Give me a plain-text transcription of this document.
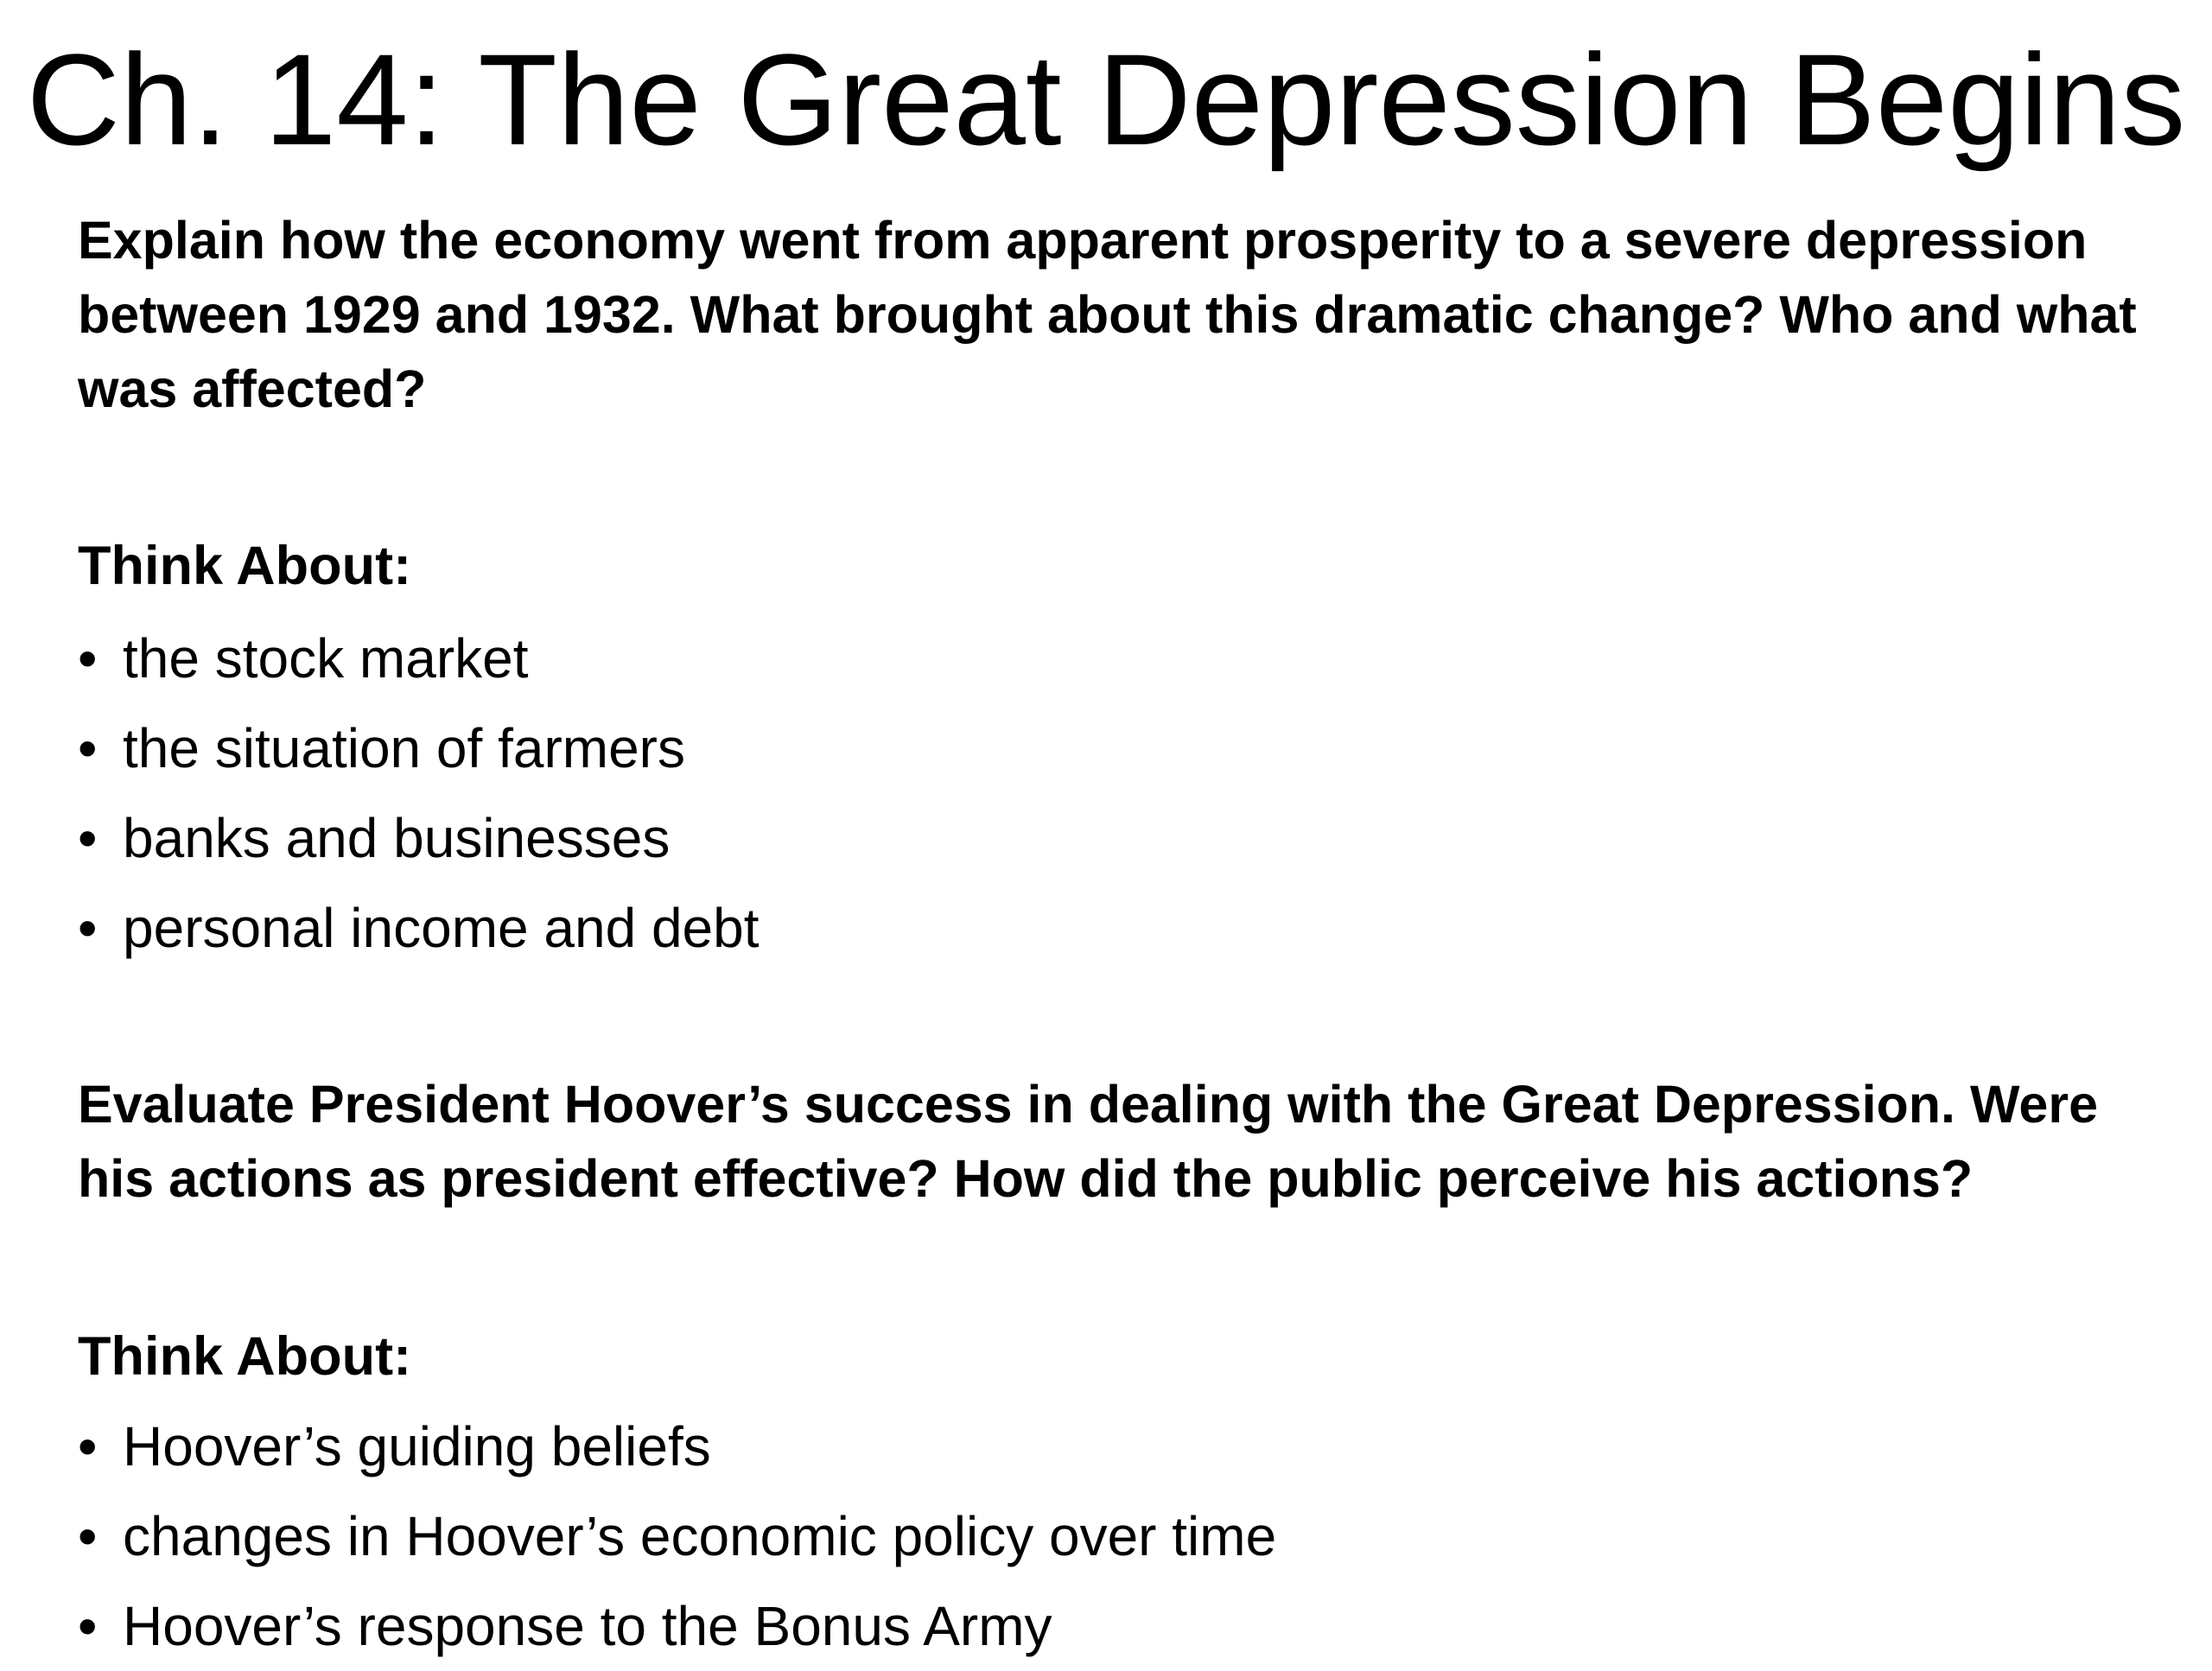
Ch. 14: The Great Depression Begins

Explain how the economy went from apparent prosperity to a severe depression between 1929 and 1932. What brought about this dramatic change? Who and what was affected?

Think About:

• the stock market
• the situation of farmers
• banks and businesses
• personal income and debt

Evaluate President Hoover’s success in dealing with the Great Depression. Were his actions as president effective? How did the public perceive his actions?

Think About:

• Hoover’s guiding beliefs
• changes in Hoover’s economic policy over time
• Hoover’s response to the Bonus Army
